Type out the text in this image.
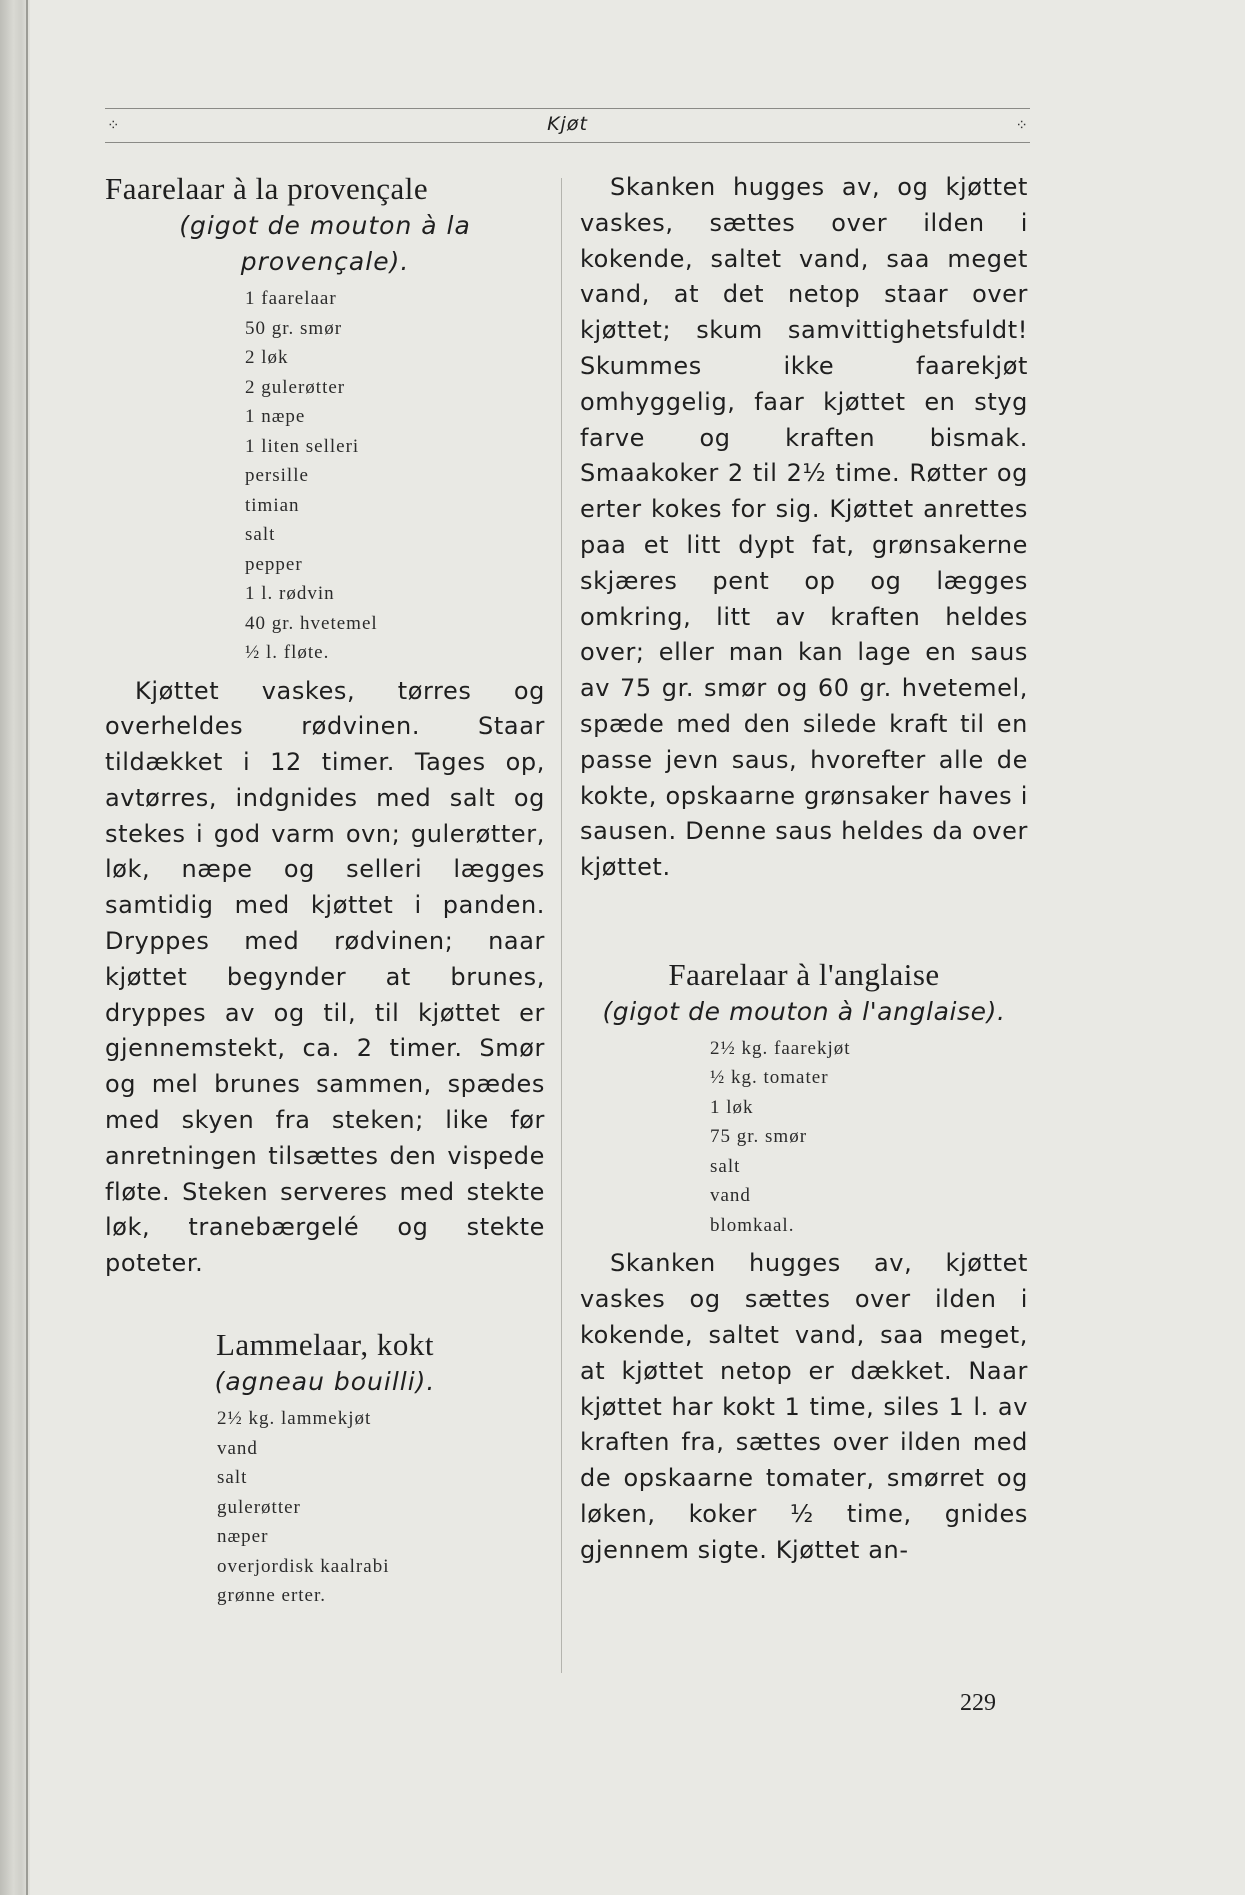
⁘	Kjøt	⁘
Faarelaar à la provençale
(gigot de mouton à la provençale).
1 faarelaar
50 gr. smør
2 løk
2 gulerøtter
1 næpe
1 liten selleri
persille
timian
salt
pepper
1 l. rødvin
40 gr. hvetemel
½ l. fløte.

Kjøttet vaskes, tørres og overheldes rødvinen. Staar tildækket i 12 timer. Tages op, avtørres, indgnides med salt og stekes i god varm ovn; gulerøtter, løk, næpe og selleri lægges samtidig med kjøttet i panden. Dryppes med rødvinen; naar kjøttet begynder at brunes, dryppes av og til, til kjøttet er gjennemstekt, ca. 2 timer. Smør og mel brunes sammen, spædes med skyen fra steken; like før anretningen tilsættes den vispede fløte. Steken serveres med stekte løk, tranebærgelé og stekte poteter.

Lammelaar, kokt
(agneau bouilli).
2½ kg. lammekjøt
vand
salt
gulerøtter
næper
overjordisk kaalrabi
grønne erter.

Skanken hugges av, og kjøttet vaskes, sættes over ilden i kokende, saltet vand, saa meget vand, at det netop staar over kjøttet; skum samvittighetsfuldt! Skummes ikke faarekjøt omhyggelig, faar kjøttet en styg farve og kraften bismak. Smaakoker 2 til 2½ time. Røtter og erter kokes for sig. Kjøttet anrettes paa et litt dypt fat, grønsakerne skjæres pent op og lægges omkring, litt av kraften heldes over; eller man kan lage en saus av 75 gr. smør og 60 gr. hvetemel, spæde med den silede kraft til en passe jevn saus, hvorefter alle de kokte, opskaarne grønsaker haves i sausen. Denne saus heldes da over kjøttet.

Faarelaar à l'anglaise
(gigot de mouton à l'anglaise).
2½ kg. faarekjøt
½ kg. tomater
1 løk
75 gr. smør
salt
vand
blomkaal.

Skanken hugges av, kjøttet vaskes og sættes over ilden i kokende, saltet vand, saa meget, at kjøttet netop er dækket. Naar kjøttet har kokt 1 time, siles 1 l. av kraften fra, sættes over ilden med de opskaarne tomater, smørret og løken, koker ½ time, gnides gjennem sigte. Kjøttet an-

229
